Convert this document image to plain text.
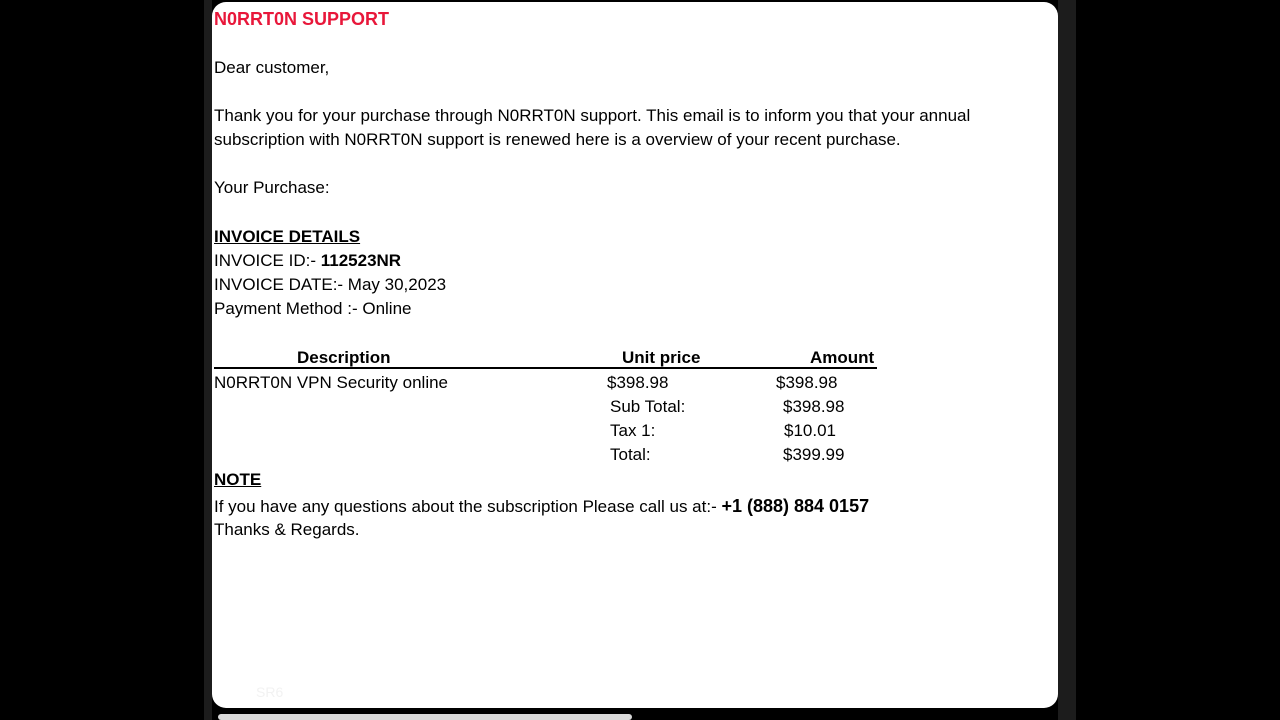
N0RRT0N SUPPORT
Dear customer,
Thank you for your purchase through N0RRT0N support. This email is to inform you that your annual
subscription with N0RRT0N support is renewed here is a overview of your recent purchase.
Your Purchase:
INVOICE DETAILS
INVOICE ID:- 112523NR
INVOICE DATE:- May 30,2023
Payment Method :- Online
Description	Unit price	Amount
N0RRT0N VPN Security online	$398.98	$398.98
Sub Total:	$398.98
Tax 1:	$10.01
Total:	$399.99
NOTE
If you have any questions about the subscription Please call us at:- +1 (888) 884 0157
Thanks & Regards.
SR6
